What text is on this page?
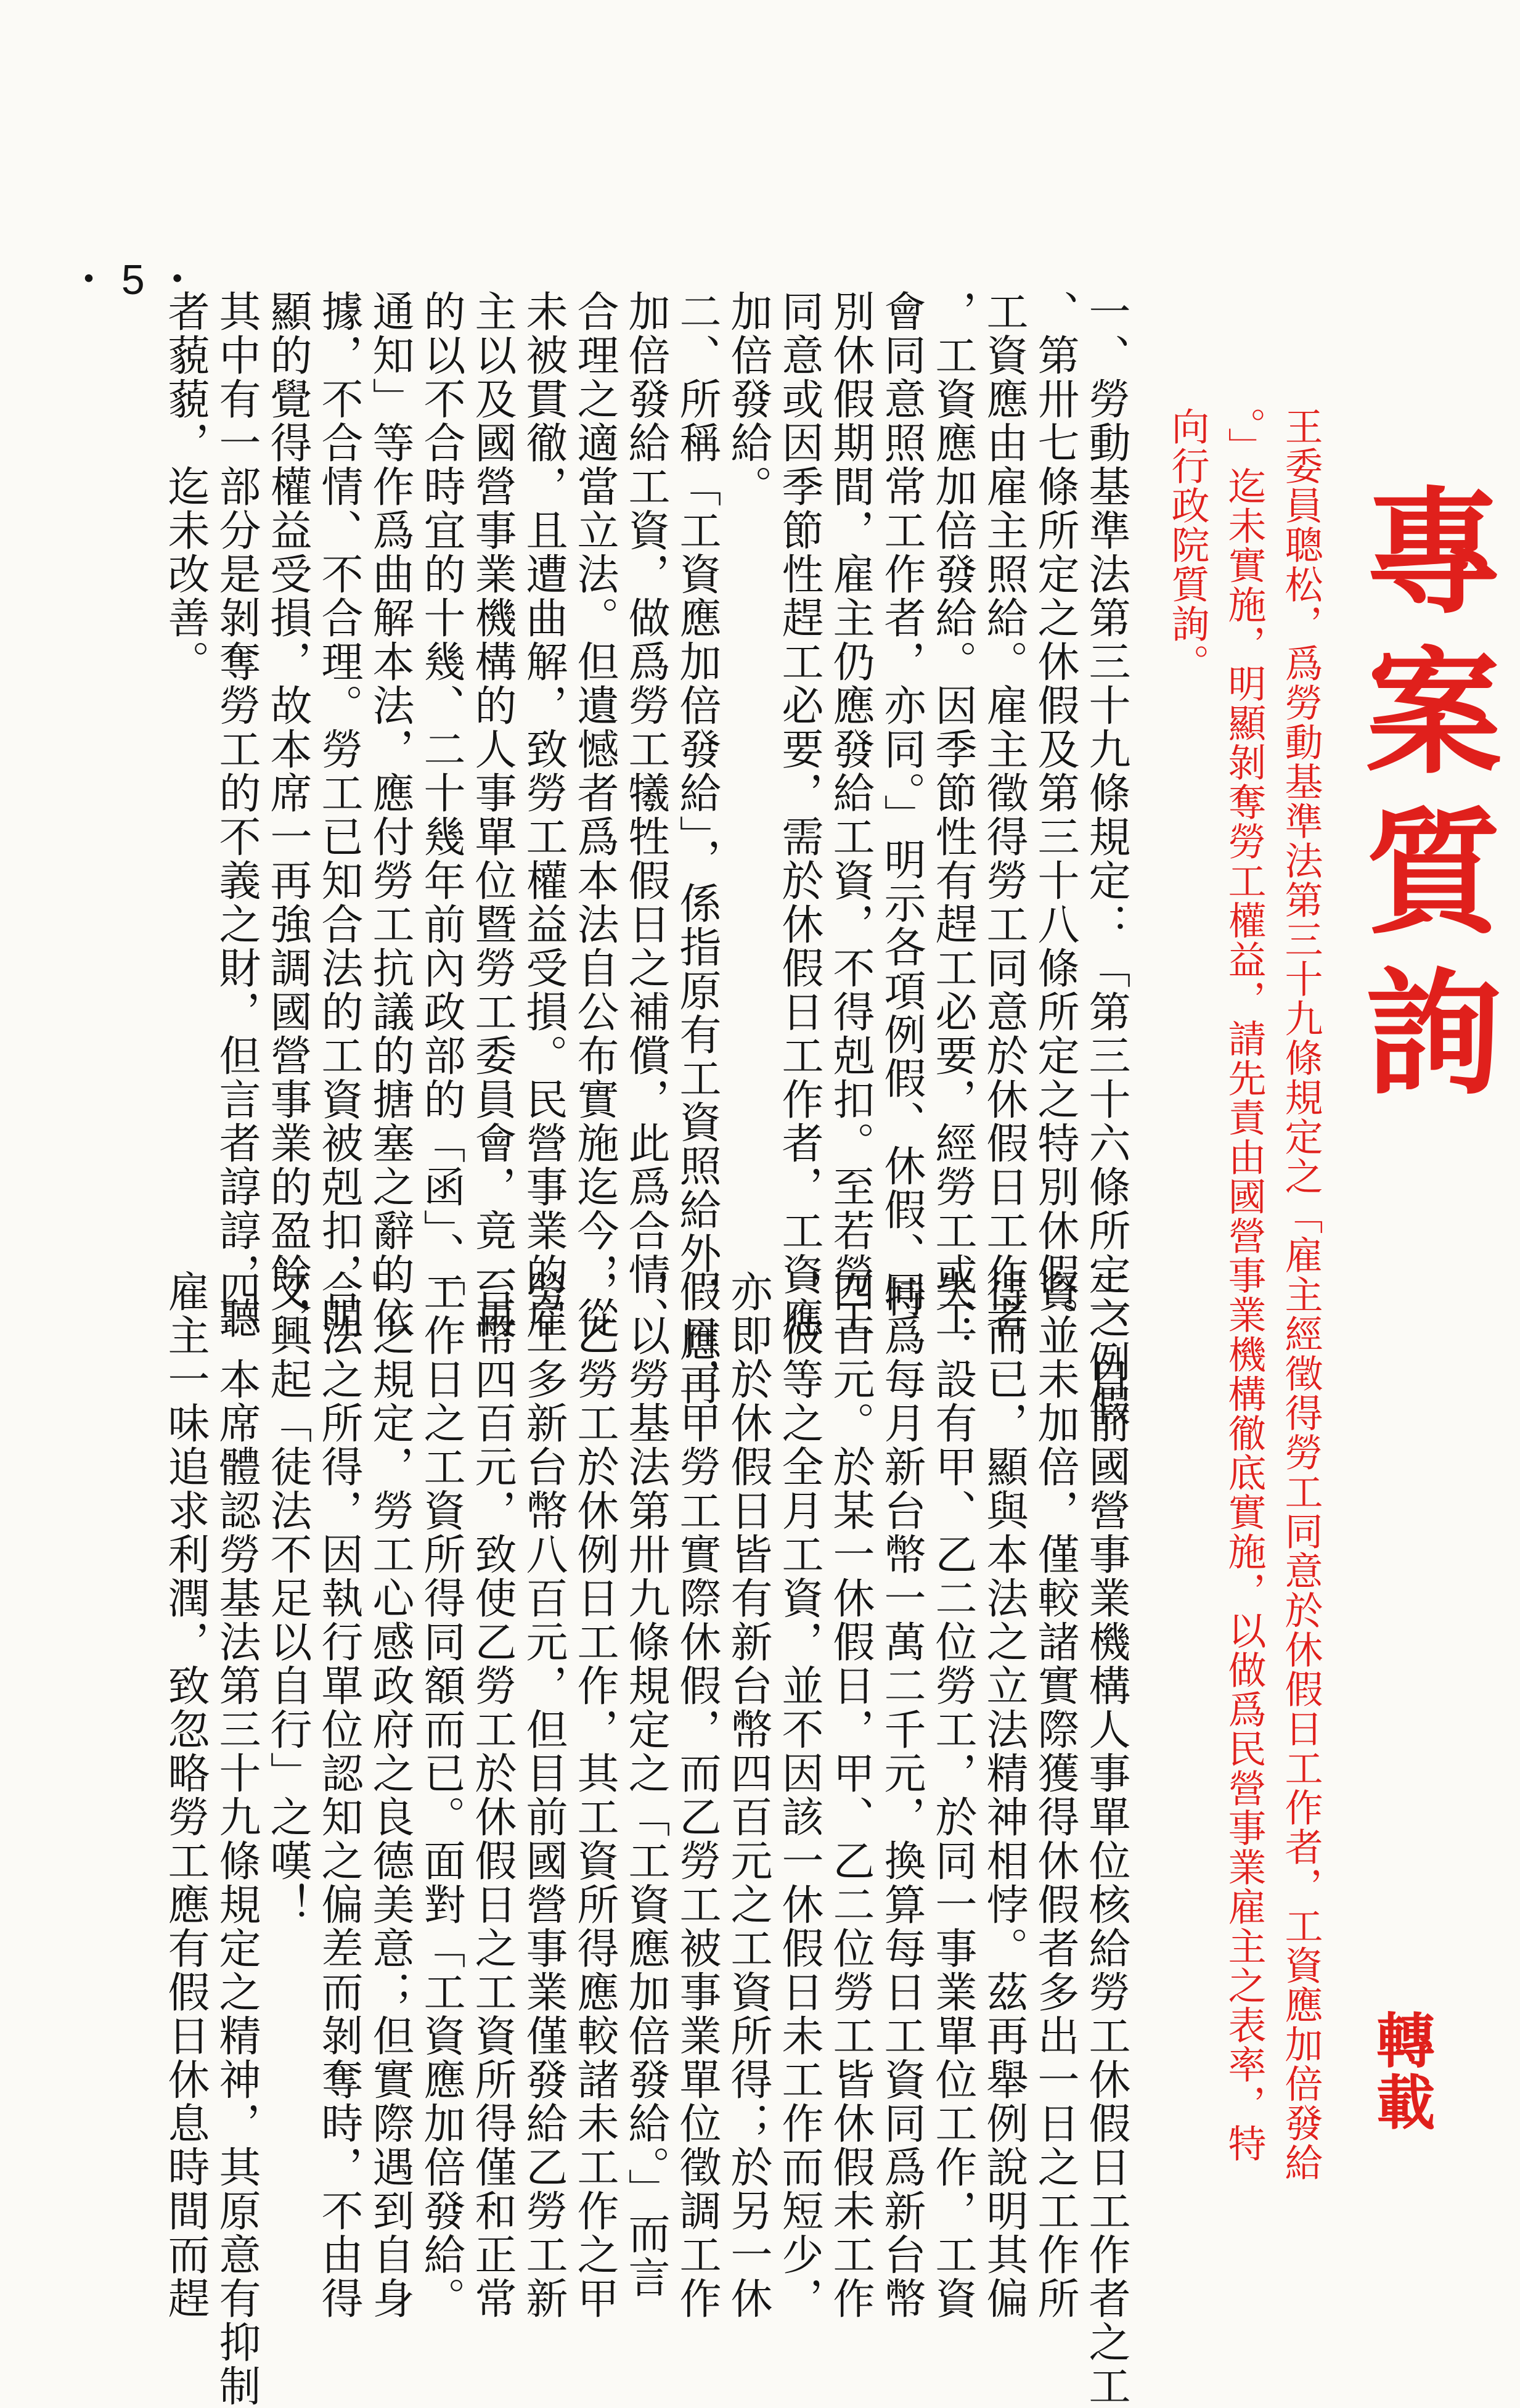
專案質詢
轉載
王委員聰松，爲勞動基準法第三十九條規定之「雇主經徵得勞工同意於休假日工作者，工資應加倍發給
。」迄未實施，明顯剝奪勞工權益，請先責由國營事業機構徹底實施，以做爲民營事業雇主之表率，特
向行政院質詢。
一、勞動基準法第三十九條規定：「第三十六條所定之例假
、第卅七條所定之休假及第三十八條所定之特別休假。
工資應由雇主照給。雇主徵得勞工同意於休假日工作者
，工資應加倍發給。因季節性有趕工必要，經勞工或工
會同意照常工作者，亦同。」明示各項例假、休假、特
別休假期間，雇主仍應發給工資，不得剋扣。至若勞工
同意或因季節性趕工必要，需於休假日工作者，工資應
加倍發給。
二、所稱「工資應加倍發給」，係指原有工資照給外，應再
加倍發給工資，做爲勞工犧牲假日之補償，此爲合情、
合理之適當立法。但遺憾者爲本法自公布實施迄今，從
未被貫徹，且遭曲解，致勞工權益受損。民營事業的雇
主以及國營事業機構的人事單位暨勞工委員會，竟一再
的以不合時宜的十幾、二十幾年前內政部的「函」、「
通知」等作爲曲解本法，應付勞工抗議的搪塞之辭的依
據，不合情、不合理。勞工已知合法的工資被剋扣，明
顯的覺得權益受損，故本席一再強調國營事業的盈餘，
其中有一部分是剝奪勞工的不義之財，但言者諄諄，聽
者藐藐，迄未改善。
三、目前國營事業機構人事單位核給勞工休假日工作者之工
資並未加倍，僅較諸實際獲得休假者多出一日之工作所
得而已，顯與本法之立法精神相悖。茲再舉例說明其偏
失：設有甲、乙二位勞工，於同一事業單位工作，工資
同爲每月新台幣一萬二千元，換算每日工資同爲新台幣
四百元。於某一休假日，甲、乙二位勞工皆休假未工作
，彼等之全月工資，並不因該一休假日未工作而短少，
亦即於休假日皆有新台幣四百元之工資所得；於另一休
假日，甲勞工實際休假，而乙勞工被事業單位徵調工作
，以勞基法第卅九條規定之「工資應加倍發給。」而言
，乙勞工於休例日工作，其工資所得應較諸未工作之甲
勞工多新台幣八百元，但目前國營事業僅發給乙勞工新
台幣四百元，致使乙勞工於休假日之工資所得僅和正常
工作日之工資所得同額而已。面對「工資應加倍發給。
」之規定，勞工心感政府之良德美意；但實際遇到自身
合法之所得，因執行單位認知之偏差而剝奪時，不由得
又興起「徒法不足以自行」之嘆！
四、本席體認勞基法第三十九條規定之精神，其原意有抑制
雇主一味追求利潤，致忽略勞工應有假日休息時間而趕
・ 5 ・
